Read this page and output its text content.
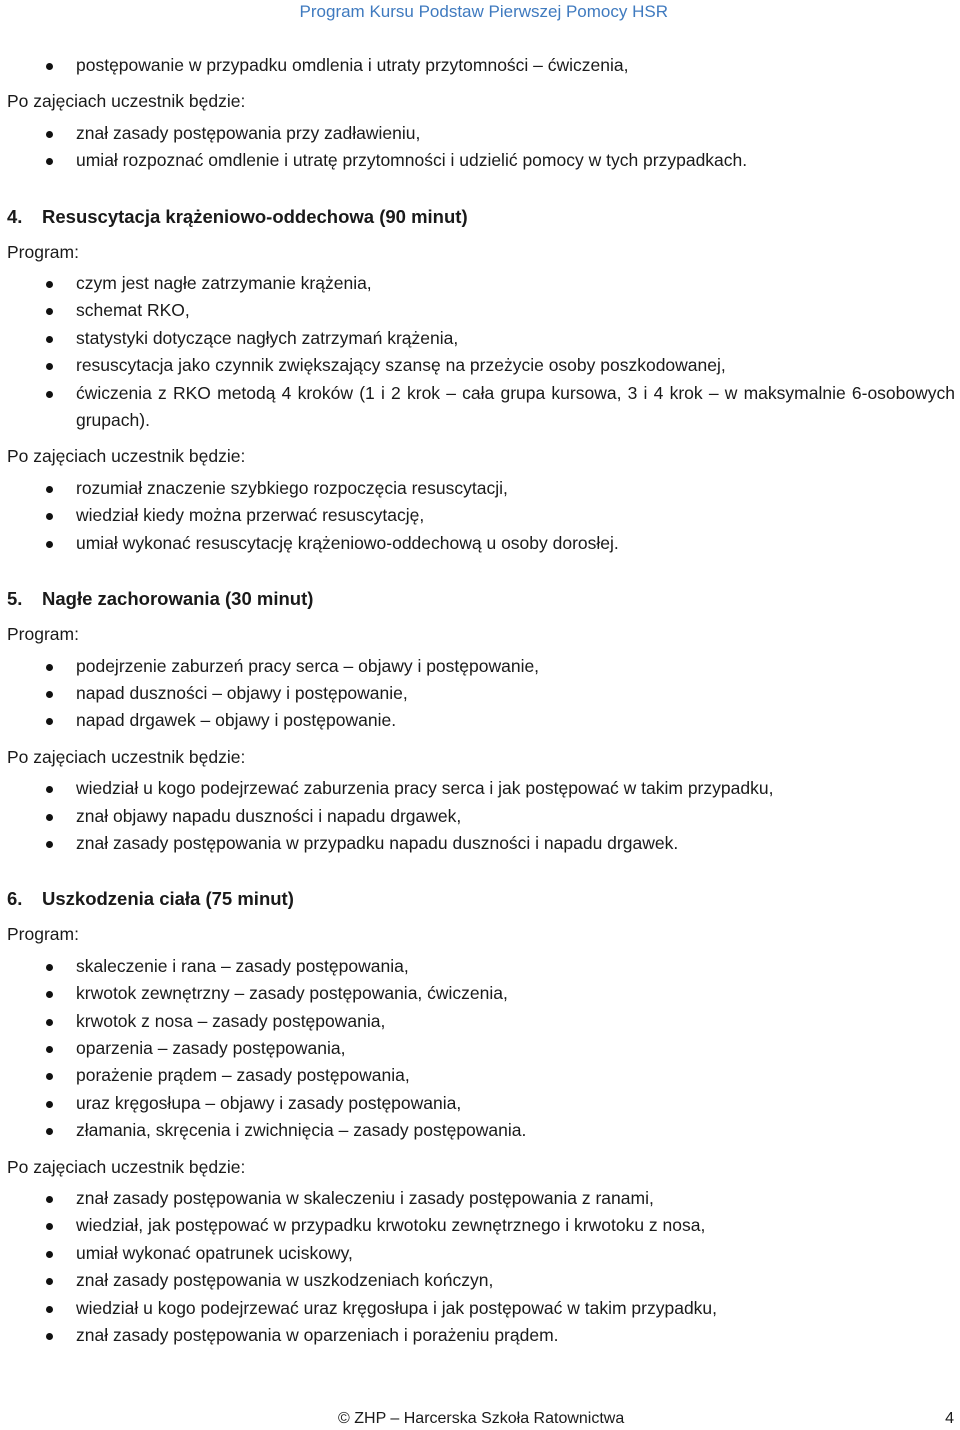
Program Kursu Podstaw Pierwszej Pomocy HSR
postępowanie w przypadku omdlenia i utraty przytomności – ćwiczenia,
Po zajęciach uczestnik będzie:
znał zasady postępowania przy zadławieniu,
umiał rozpoznać omdlenie i utratę przytomności i udzielić pomocy w tych przypadkach.
4. Resuscytacja krążeniowo-oddechowa (90 minut)
Program:
czym jest nagłe zatrzymanie krążenia,
schemat RKO,
statystyki dotyczące nagłych zatrzymań krążenia,
resuscytacja jako czynnik zwiększający szansę na przeżycie osoby poszkodowanej,
ćwiczenia z RKO metodą 4 kroków (1 i 2 krok – cała grupa kursowa, 3 i 4 krok – w maksymalnie 6-osobowych grupach).
Po zajęciach uczestnik będzie:
rozumiał znaczenie szybkiego rozpoczęcia resuscytacji,
wiedział kiedy można przerwać resuscytację,
umiał wykonać resuscytację krążeniowo-oddechową u osoby dorosłej.
5. Nagłe zachorowania (30 minut)
Program:
podejrzenie zaburzeń pracy serca – objawy i postępowanie,
napad duszności – objawy i postępowanie,
napad drgawek – objawy i postępowanie.
Po zajęciach uczestnik będzie:
wiedział u kogo podejrzewać zaburzenia pracy serca i jak postępować w takim przypadku,
znał objawy napadu duszności i napadu drgawek,
znał zasady postępowania w przypadku napadu duszności i napadu drgawek.
6. Uszkodzenia ciała (75 minut)
Program:
skaleczenie i rana – zasady postępowania,
krwotok zewnętrzny – zasady postępowania, ćwiczenia,
krwotok z nosa – zasady postępowania,
oparzenia – zasady postępowania,
porażenie prądem – zasady postępowania,
uraz kręgosłupa – objawy i zasady postępowania,
złamania, skręcenia i zwichnięcia – zasady postępowania.
Po zajęciach uczestnik będzie:
znał zasady postępowania w skaleczeniu i zasady postępowania z ranami,
wiedział, jak postępować w przypadku krwotoku zewnętrznego i krwotoku z nosa,
umiał wykonać opatrunek uciskowy,
znał zasady postępowania w uszkodzeniach kończyn,
wiedział u kogo podejrzewać uraz kręgosłupa i jak postępować w takim przypadku,
znał zasady postępowania w oparzeniach i porażeniu prądem.
© ZHP – Harcerska Szkoła Ratownictwa	4
